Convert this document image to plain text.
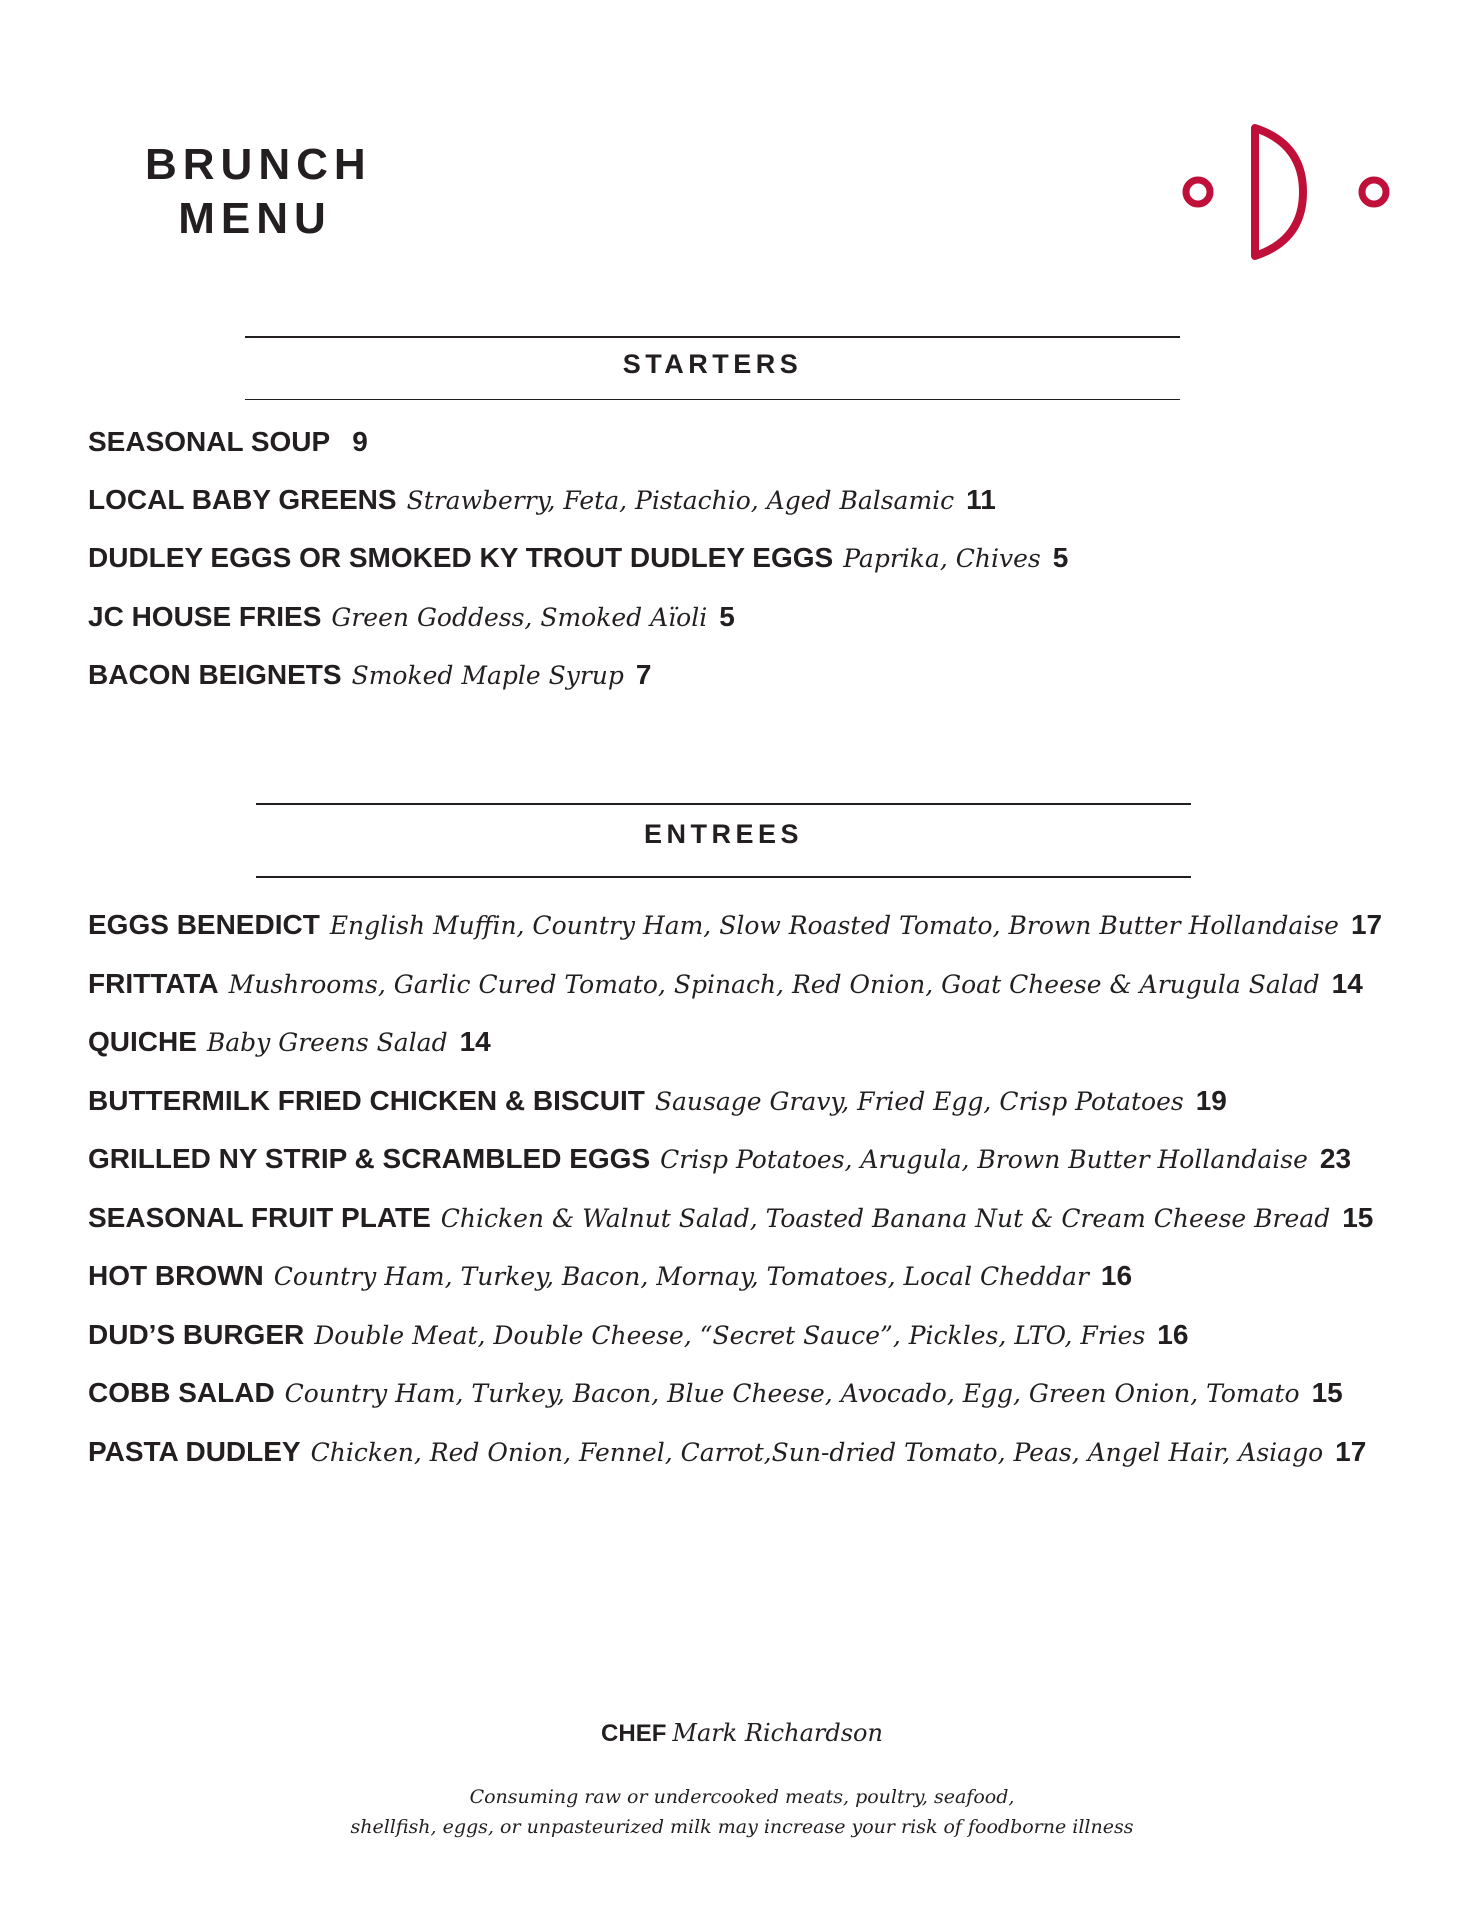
BRUNCH
MENU
STARTERS
SEASONAL SOUP 9
LOCAL BABY GREENS Strawberry, Feta, Pistachio, Aged Balsamic 11
DUDLEY EGGS OR SMOKED KY TROUT DUDLEY EGGS Paprika, Chives 5
JC HOUSE FRIES Green Goddess, Smoked Aïoli 5
BACON BEIGNETS Smoked Maple Syrup 7
ENTREES
EGGS BENEDICT English Muffin, Country Ham, Slow Roasted Tomato, Brown Butter Hollandaise 17
FRITTATA Mushrooms, Garlic Cured Tomato, Spinach, Red Onion, Goat Cheese & Arugula Salad 14
QUICHE Baby Greens Salad 14
BUTTERMILK FRIED CHICKEN & BISCUIT Sausage Gravy, Fried Egg, Crisp Potatoes 19
GRILLED NY STRIP & SCRAMBLED EGGS Crisp Potatoes, Arugula, Brown Butter Hollandaise 23
SEASONAL FRUIT PLATE Chicken & Walnut Salad, Toasted Banana Nut & Cream Cheese Bread 15
HOT BROWN Country Ham, Turkey, Bacon, Mornay, Tomatoes, Local Cheddar 16
DUD’S BURGER Double Meat, Double Cheese, “Secret Sauce”, Pickles, LTO, Fries 16
COBB SALAD Country Ham, Turkey, Bacon, Blue Cheese, Avocado, Egg, Green Onion, Tomato 15
PASTA DUDLEY Chicken, Red Onion, Fennel, Carrot,Sun-dried Tomato, Peas, Angel Hair, Asiago 17
CHEF Mark Richardson
Consuming raw or undercooked meats, poultry, seafood,
shellfish, eggs, or unpasteurized milk may increase your risk of foodborne illness
